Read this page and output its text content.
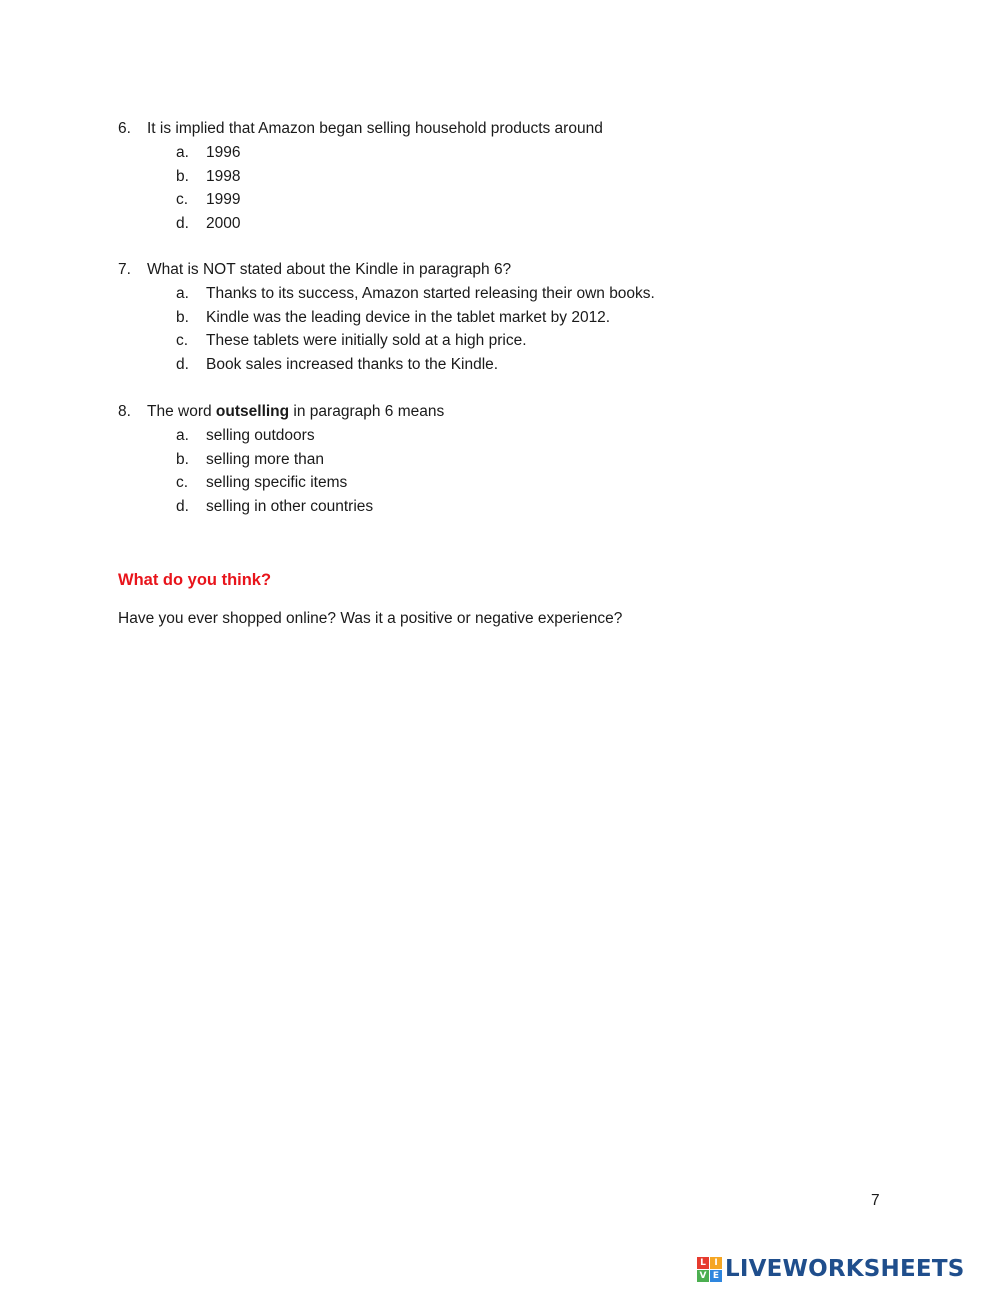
6.	It is implied that Amazon began selling household products around
a.	1996
b.	1998
c.	1999
d.	2000
7.	What is NOT stated about the Kindle in paragraph 6?
a.	Thanks to its success, Amazon started releasing their own books.
b.	Kindle was the leading device in the tablet market by 2012.
c.	These tablets were initially sold at a high price.
d.	Book sales increased thanks to the Kindle.
8.	The word outselling in paragraph 6 means
a.	selling outdoors
b.	selling more than
c.	selling specific items
d.	selling in other countries
What do you think?
Have you ever shopped online? Was it a positive or negative experience?
7
L I
V E LIVEWORKSHEETS
